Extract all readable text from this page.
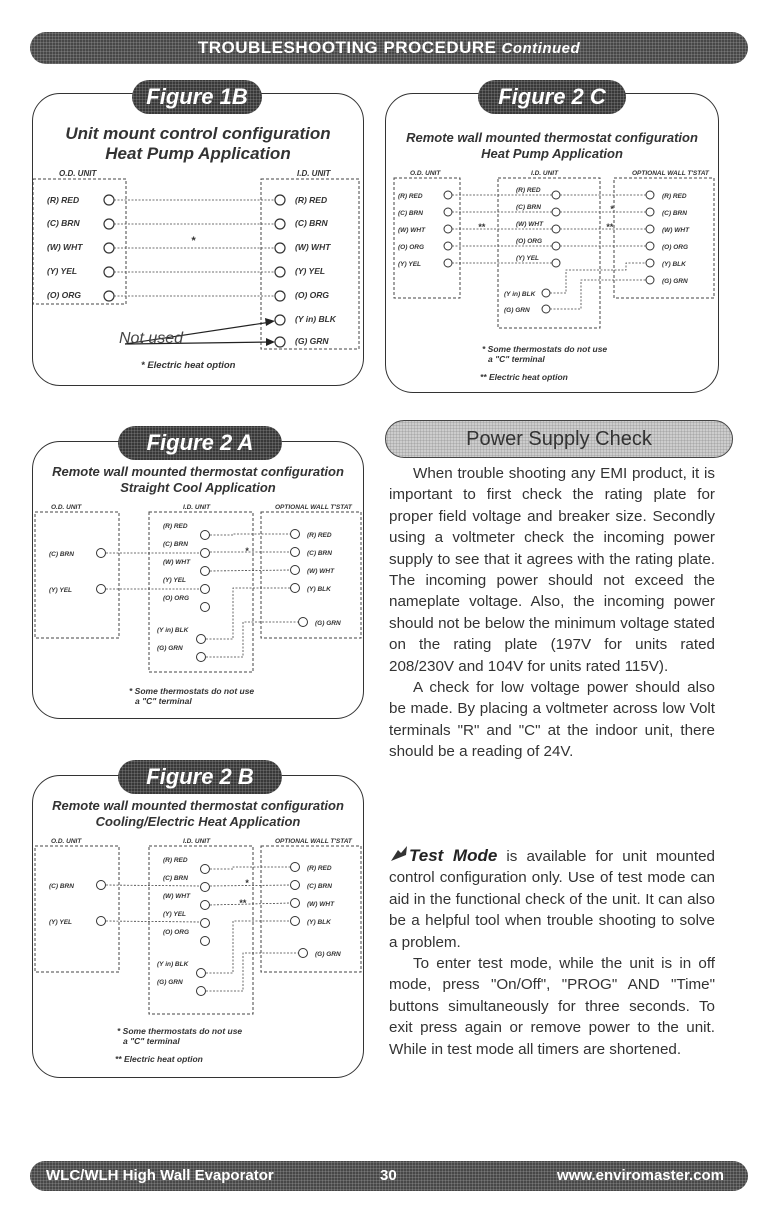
TROUBLESHOOTING PROCEDURE Continued
Unit mount control configuration
Heat Pump Application
O.D. UNIT	I.D. UNIT
(R) RED
(C) BRN
(W) WHT
(Y) YEL
(O) ORG
(R) RED
(C) BRN
(W) WHT
(Y) YEL
(O) ORG
(Y in) BLK
(G) GRN
*
Not used
* Electric heat option
Figure 1B
Remote wall mounted thermostat configuration
Heat Pump Application
O.D. UNIT	I.D. UNIT	OPTIONAL WALL T'STAT
(R) RED
(C) BRN
(W) WHT
(O) ORG
(Y) YEL
(R) RED
(C) BRN
(W) WHT
(O) ORG
(Y) YEL
(Y in) BLK
(G) GRN
(R) RED
(C) BRN
(W) WHT
(O) ORG
(Y) BLK
(G) GRN
*
**	**
* Some thermostats do not use
a "C" terminal
** Electric heat option
Figure 2 C
Remote wall mounted thermostat configuration
Straight Cool Application
O.D. UNIT	I.D. UNIT	OPTIONAL WALL T'STAT
(C) BRN
(Y) YEL
(R) RED
(C) BRN
(W) WHT
(Y) YEL
(O) ORG
(Y in) BLK
(G) GRN
(R) RED
(C) BRN
(W) WHT
(Y) BLK
(G) GRN
*
* Some thermostats do not use
a "C" terminal
Figure 2 A
Remote wall mounted thermostat configuration
Cooling/Electric Heat Application
O.D. UNIT	I.D. UNIT	OPTIONAL WALL T'STAT
(C) BRN
(Y) YEL
(R) RED
(C) BRN
(W) WHT
(Y) YEL
(O) ORG
(Y in) BLK
(G) GRN
(R) RED
(C) BRN
(W) WHT
(Y) BLK
(G) GRN
*
**
* Some thermostats do not use
a "C" terminal
** Electric heat option
Figure 2 B
Power Supply Check

When trouble shooting any EMI product, it is important to first check the rating plate for proper field voltage and breaker size. Secondly using a voltmeter check the incoming power supply to see that it agrees with the rating plate. The incoming power should not exceed the nameplate voltage. Also, the incoming power should not be below the minimum voltage stated on the rating plate (197V for units rated 208/230V and 104V for units rated 115V).

A check for low voltage power should also be made. By placing a voltmeter across low Volt terminals "R" and "C" at the indoor unit, there should be a reading of 24V.

Test Mode is available for unit mounted control configuration only. Use of test mode can aid in the functional check of the unit. It can also be a helpful tool when trouble shooting to solve a problem.

To enter test mode, while the unit is in off mode, press "On/Off", "PROG" AND "Time" buttons simultaneously for three seconds. To exit press again or remove power to the unit. While in test mode all timers are shortened.

WLC/WLH High Wall Evaporator	30	www.enviromaster.com
